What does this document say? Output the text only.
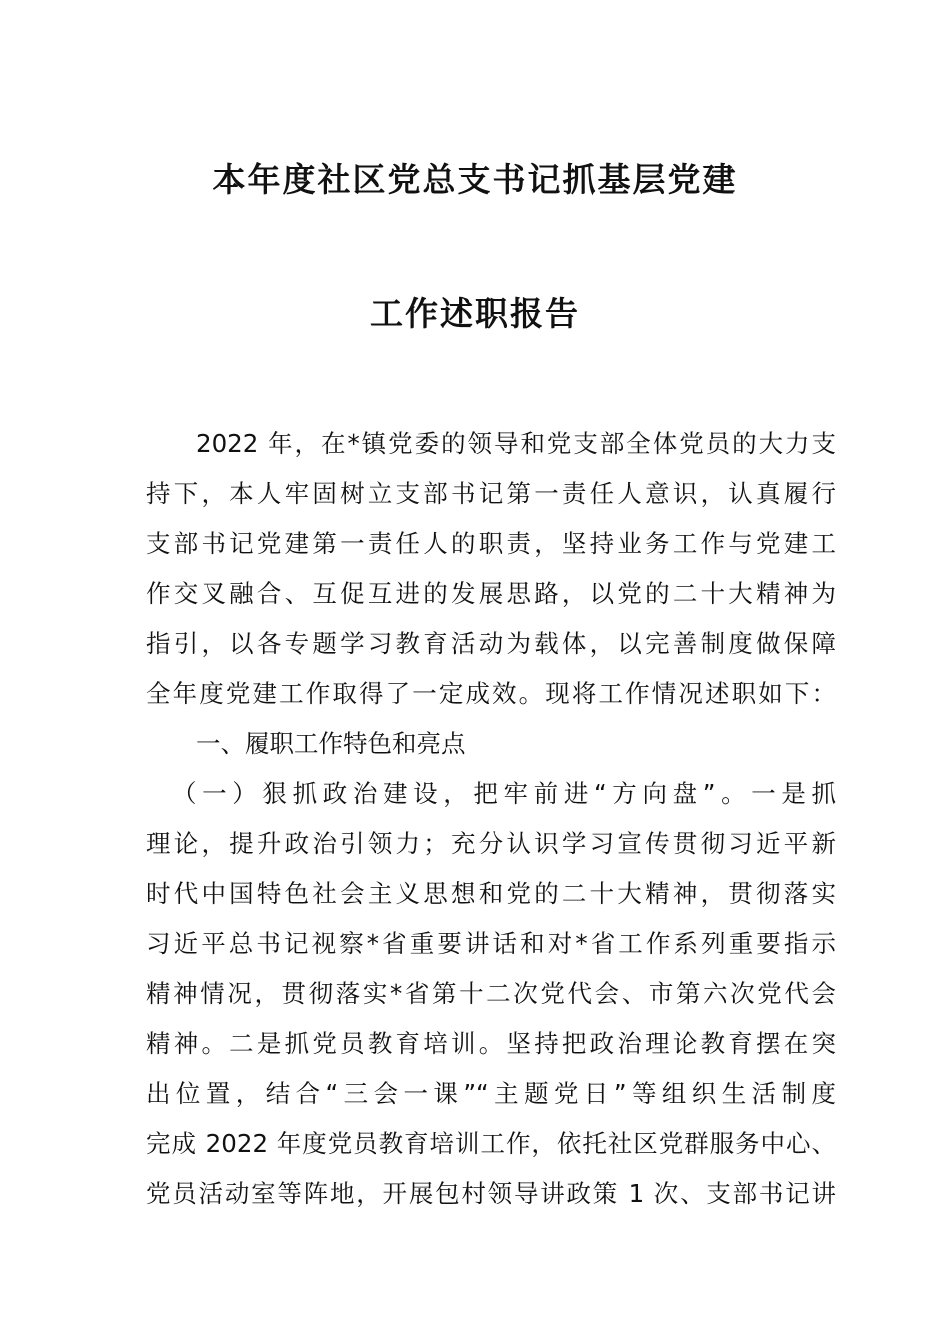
本年度社区党总支书记抓基层党建
工作述职报告
2022 年，在*镇党委的领导和党支部全体党员的大力支
持下，本人牢固树立支部书记第一责任人意识，认真履行
支部书记党建第一责任人的职责，坚持业务工作与党建工
作交叉融合、互促互进的发展思路，以党的二十大精神为
指引，以各专题学习教育活动为载体，以完善制度做保障
全年度党建工作取得了一定成效。现将工作情况述职如下：
一、履职工作特色和亮点
（一）狠抓政治建设，把牢前进“方向盘”。一是抓
理论，提升政治引领力；充分认识学习宣传贯彻习近平新
时代中国特色社会主义思想和党的二十大精神，贯彻落实
习近平总书记视察*省重要讲话和对*省工作系列重要指示
精神情况，贯彻落实*省第十二次党代会、市第六次党代会
精神。二是抓党员教育培训。坚持把政治理论教育摆在突
出位置，结合“三会一课”“主题党日”等组织生活制度
完成 2022 年度党员教育培训工作，依托社区党群服务中心、
党员活动室等阵地，开展包村领导讲政策 1 次、支部书记讲
